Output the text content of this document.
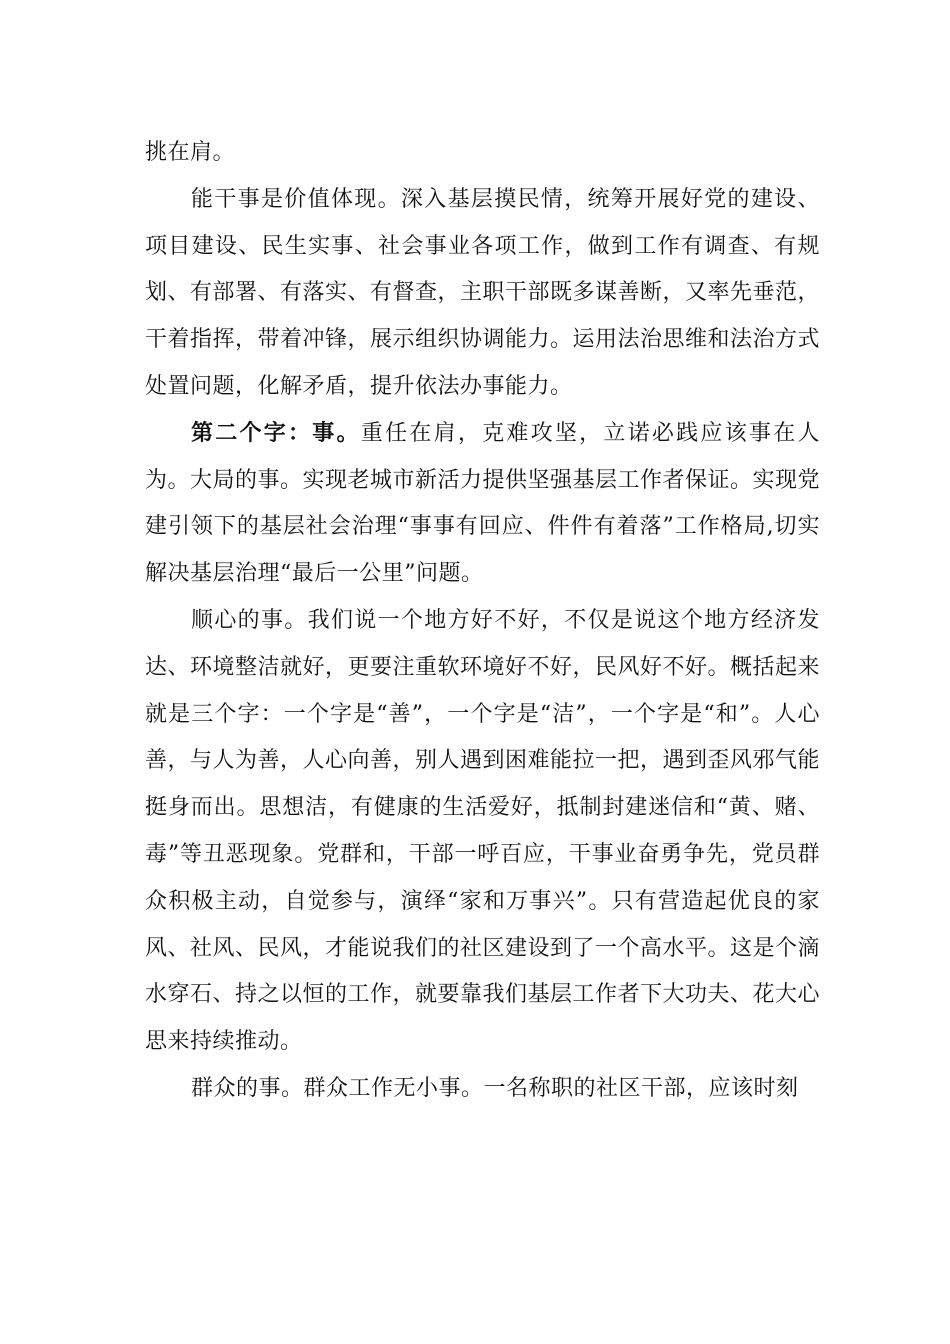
挑在肩。

能干事是价值体现。深入基层摸民情，统筹开展好党的建设、项目建设、民生实事、社会事业各项工作，做到工作有调查、有规划、有部署、有落实、有督查，主职干部既多谋善断，又率先垂范，干着指挥，带着冲锋，展示组织协调能力。运用法治思维和法治方式处置问题，化解矛盾，提升依法办事能力。

第二个字：事。重任在肩，克难攻坚，立诺必践应该事在人为。大局的事。实现老城市新活力提供坚强基层工作者保证。实现党建引领下的基层社会治理“事事有回应、件件有着落”工作格局,切实解决基层治理“最后一公里”问题。

顺心的事。我们说一个地方好不好，不仅是说这个地方经济发达、环境整洁就好，更要注重软环境好不好，民风好不好。概括起来就是三个字：一个字是“善”，一个字是“洁”，一个字是“和”。人心善，与人为善，人心向善，别人遇到困难能拉一把，遇到歪风邪气能挺身而出。思想洁，有健康的生活爱好，抵制封建迷信和“黄、赌、毒”等丑恶现象。党群和，干部一呼百应，干事业奋勇争先，党员群众积极主动，自觉参与，演绎“家和万事兴”。只有营造起优良的家风、社风、民风，才能说我们的社区建设到了一个高水平。这是个滴水穿石、持之以恒的工作，就要靠我们基层工作者下大功夫、花大心思来持续推动。

群众的事。群众工作无小事。一名称职的社区干部，应该时刻
